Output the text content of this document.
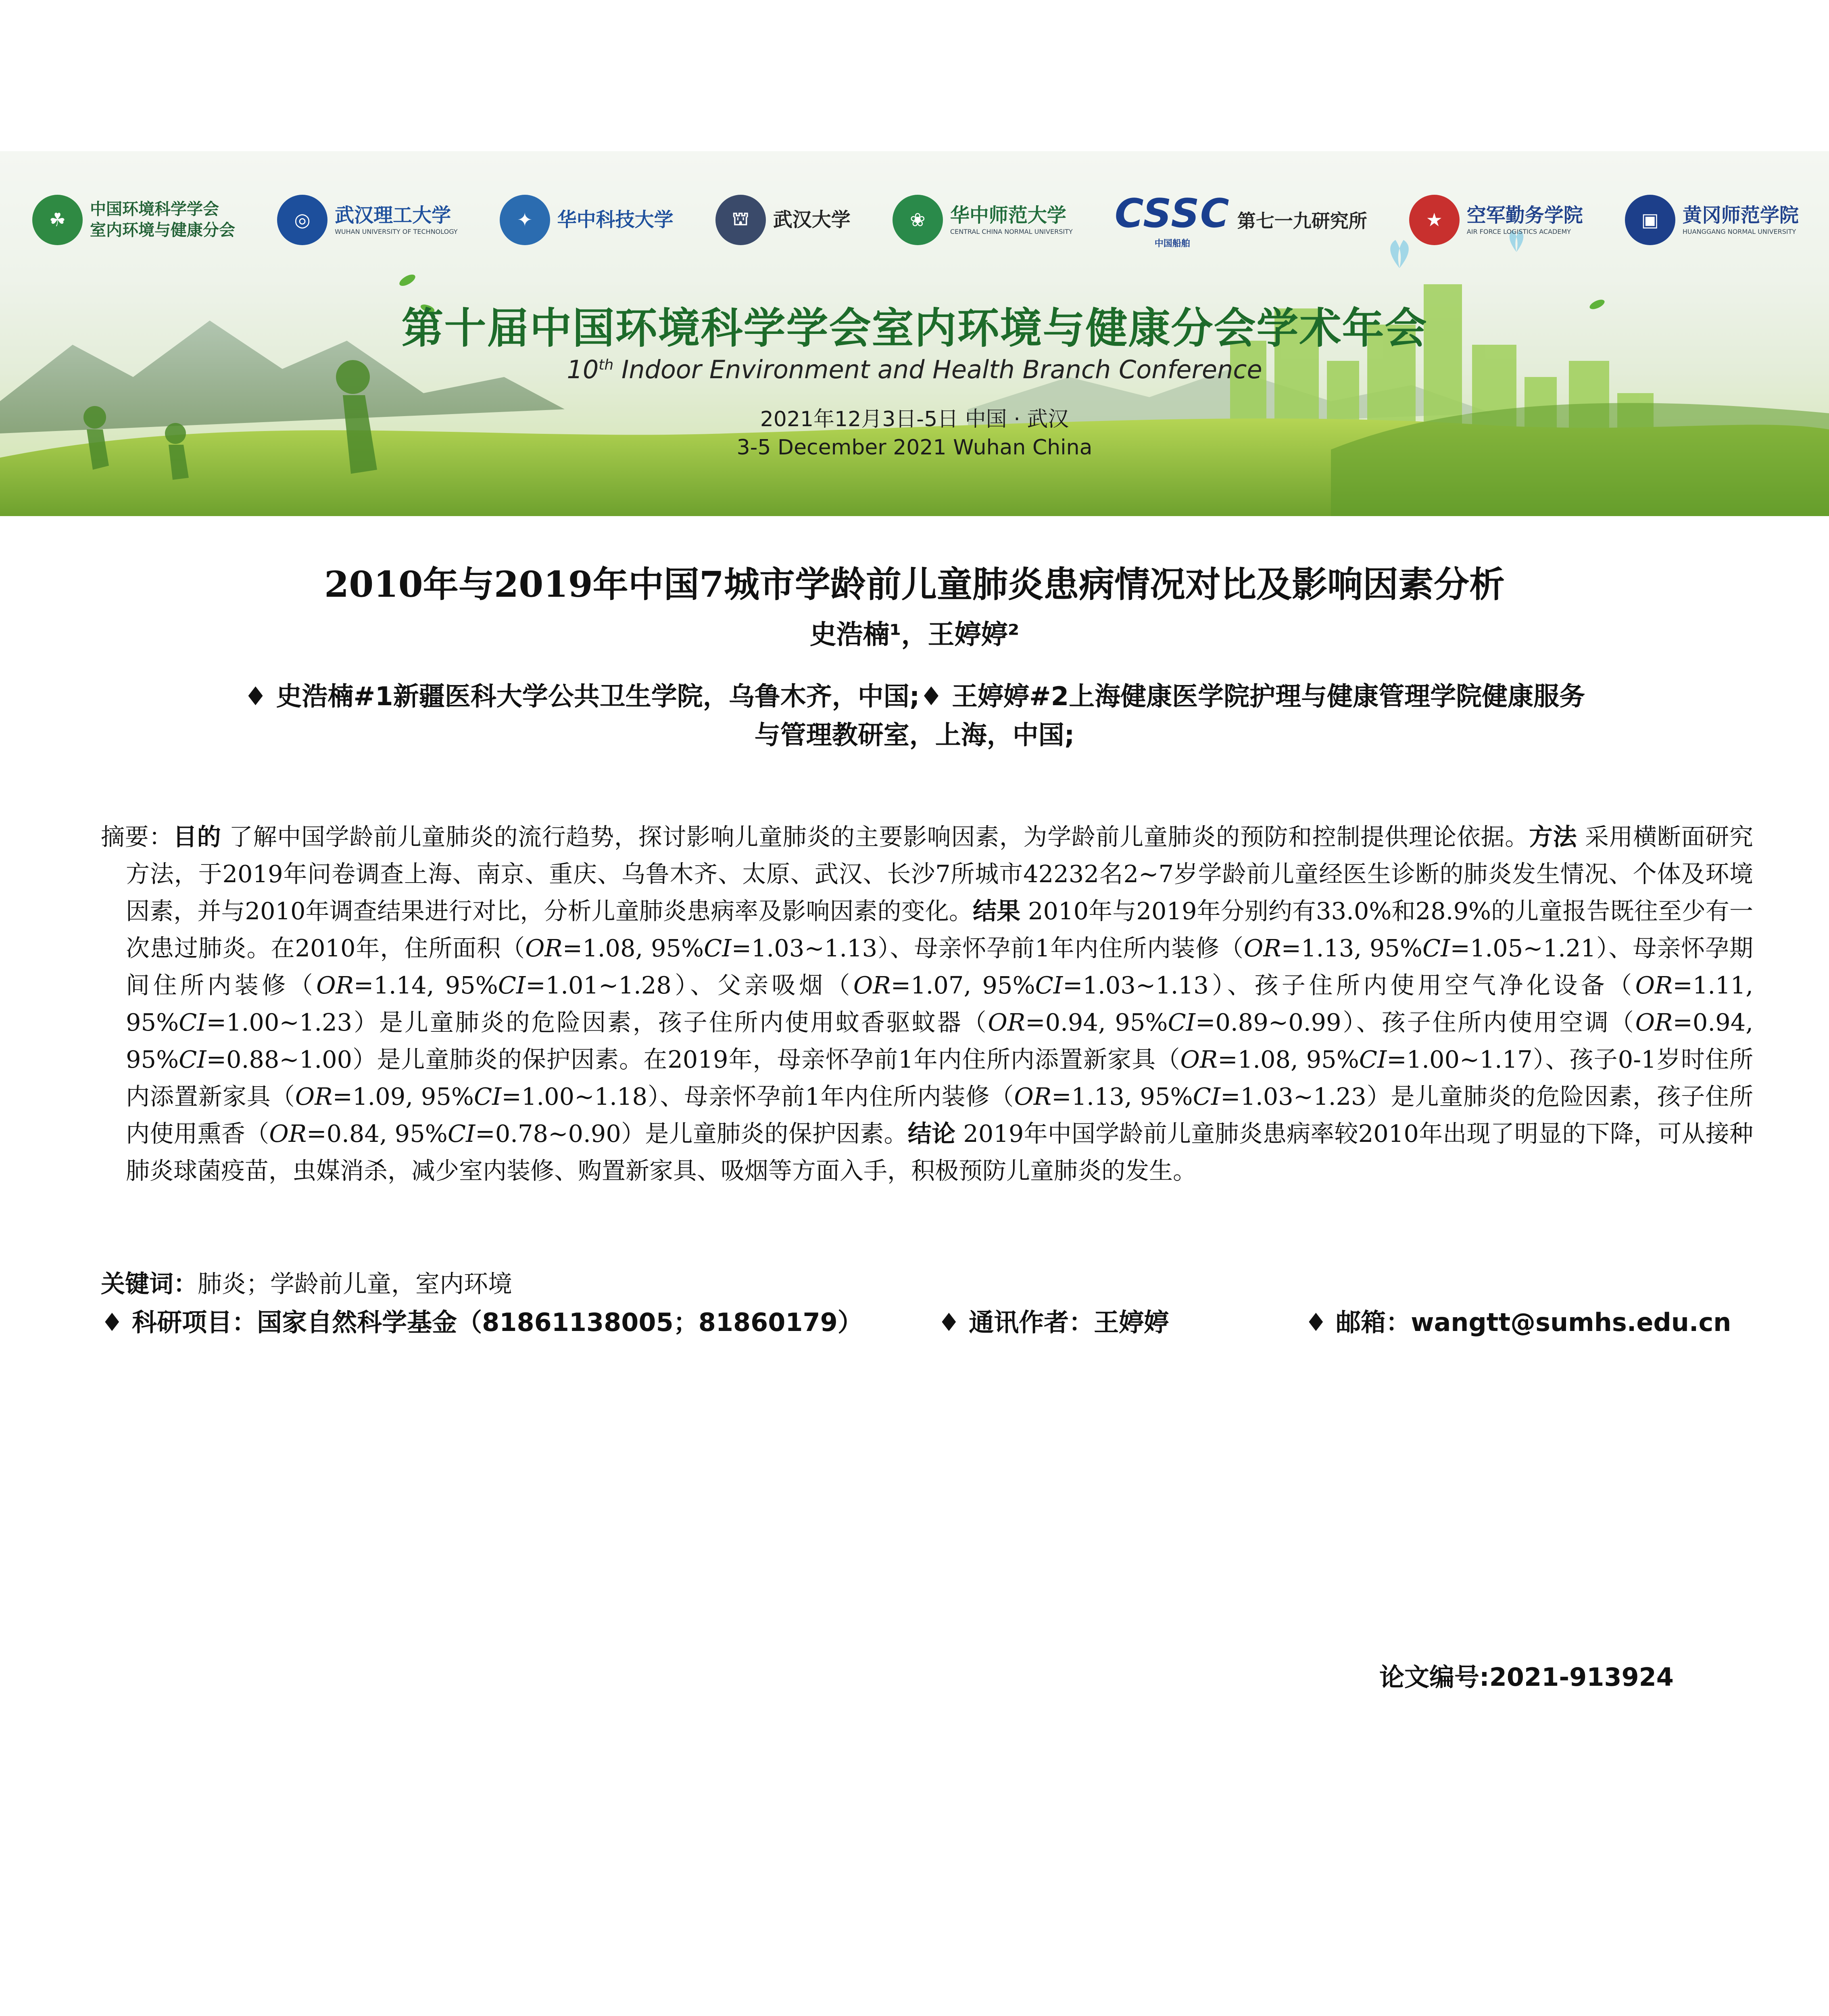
☘	中国环境科学学会
室内环境与健康分会	◎	武汉理工大学
WUHAN UNIVERSITY OF TECHNOLOGY
✦	华中科技大学	⛫	武汉大学	❀	华中师范大学
CENTRAL CHINA NORMAL UNIVERSITY CSSC
中国船舶
第七一九研究所	★	空军勤务学院
AIR FORCE LOGISTICS ACADEMY
▣	黄冈师范学院
HUANGGANG NORMAL UNIVERSITY
第十届中国环境科学学会室内环境与健康分会学术年会
10th Indoor Environment and Health Branch Conference
2021年12月3日-5日 中国 · 武汉
3-5 December 2021 Wuhan China
2010年与2019年中国7城市学龄前儿童肺炎患病情况对比及影响因素分析
史浩楠¹，王婷婷²
♦ 史浩楠#1新疆医科大学公共卫生学院，乌鲁木齐，中国;♦ 王婷婷#2上海健康医学院护理与健康管理学院健康服务
与管理教研室，上海，中国;
摘要：目的 了解中国学龄前儿童肺炎的流行趋势，探讨影响儿童肺炎的主要影响因素，为学龄前儿童肺炎的预防和控制提供理论依据。方法 采用横断面研究方法，于2019年问卷调查上海、南京、重庆、乌鲁木齐、太原、武汉、长沙7所城市42232名2~7岁学龄前儿童经医生诊断的肺炎发生情况、个体及环境因素，并与2010年调查结果进行对比，分析儿童肺炎患病率及影响因素的变化。结果 2010年与2019年分别约有33.0%和28.9%的儿童报告既往至少有一次患过肺炎。在2010年，住所面积（OR=1.08, 95%CI=1.03~1.13）、母亲怀孕前1年内住所内装修（OR=1.13, 95%CI=1.05~1.21）、母亲怀孕期间住所内装修（OR=1.14, 95%CI=1.01~1.28）、父亲吸烟（OR=1.07, 95%CI=1.03~1.13）、孩子住所内使用空气净化设备（OR=1.11, 95%CI=1.00~1.23）是儿童肺炎的危险因素，孩子住所内使用蚊香驱蚊器（OR=0.94, 95%CI=0.89~0.99）、孩子住所内使用空调（OR=0.94, 95%CI=0.88~1.00）是儿童肺炎的保护因素。在2019年，母亲怀孕前1年内住所内添置新家具（OR=1.08, 95%CI=1.00~1.17）、孩子0-1岁时住所内添置新家具（OR=1.09, 95%CI=1.00~1.18）、母亲怀孕前1年内住所内装修（OR=1.13, 95%CI=1.03~1.23）是儿童肺炎的危险因素，孩子住所内使用熏香（OR=0.84, 95%CI=0.78~0.90）是儿童肺炎的保护因素。结论 2019年中国学龄前儿童肺炎患病率较2010年出现了明显的下降，可从接种肺炎球菌疫苗，虫媒消杀，减少室内装修、购置新家具、吸烟等方面入手，积极预防儿童肺炎的发生。
关键词：肺炎；学龄前儿童，室内环境
♦ 科研项目：国家自然科学基金（81861138005；81860179）	♦ 通讯作者：王婷婷	♦ 邮箱：wangtt@sumhs.edu.cn
论文编号:2021-913924
